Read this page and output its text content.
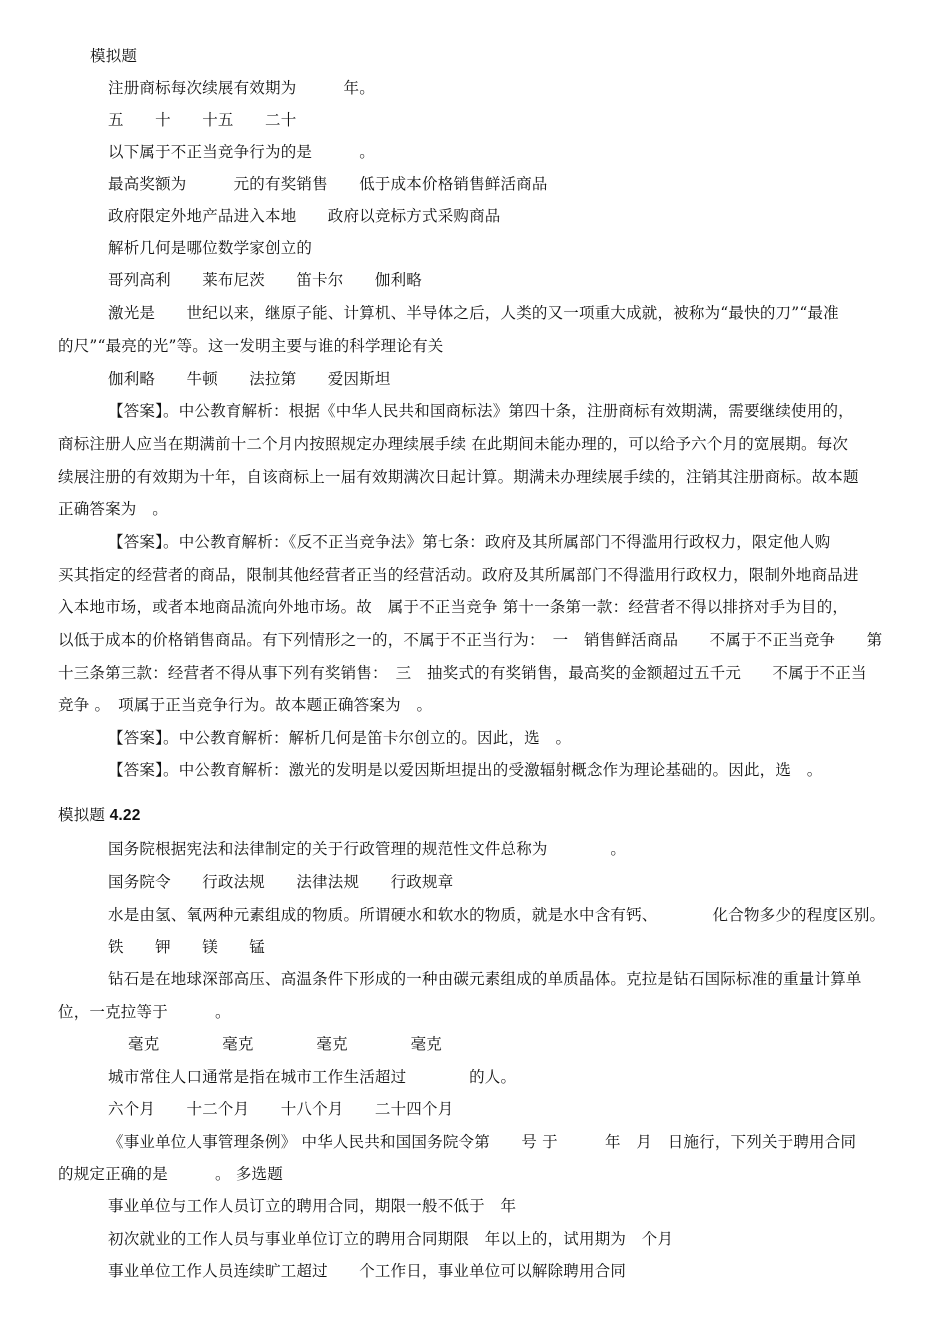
模拟题
注册商标每次续展有效期为　　　年。
五　　十　　十五　　二十
以下属于不正当竞争行为的是　　　。
最高奖额为　　　元的有奖销售　　低于成本价格销售鲜活商品
政府限定外地产品进入本地　　政府以竞标方式采购商品
解析几何是哪位数学家创立的
哥列高利　　莱布尼茨　　笛卡尔　　伽利略
激光是　　世纪以来，继原子能、计算机、半导体之后，人类的又一项重大成就，被称为“最快的刀”“最准
的尺”“最亮的光”等。这一发明主要与谁的科学理论有关
伽利略　　牛顿　　法拉第　　爱因斯坦
【答案】。中公教育解析：根据《中华人民共和国商标法》第四十条，注册商标有效期满，需要继续使用的，
商标注册人应当在期满前十二个月内按照规定办理续展手续 在此期间未能办理的，可以给予六个月的宽展期。每次
续展注册的有效期为十年，自该商标上一届有效期满次日起计算。期满未办理续展手续的，注销其注册商标。故本题
正确答案为　。
【答案】。中公教育解析：《反不正当竞争法》第七条：政府及其所属部门不得滥用行政权力，限定他人购
买其指定的经营者的商品，限制其他经营者正当的经营活动。政府及其所属部门不得滥用行政权力，限制外地商品进
入本地市场，或者本地商品流向外地市场。故　属于不正当竞争 第十一条第一款：经营者不得以排挤对手为目的，
以低于成本的价格销售商品。有下列情形之一的，不属于不正当行为：　一　销售鲜活商品　　不属于不正当竞争　　第
十三条第三款：经营者不得从事下列有奖销售：　三　抽奖式的有奖销售，最高奖的金额超过五千元　　不属于不正当
竞争 。　项属于正当竞争行为。故本题正确答案为　。
【答案】。中公教育解析：解析几何是笛卡尔创立的。因此，选　。
【答案】。中公教育解析：激光的发明是以爱因斯坦提出的受激辐射概念作为理论基础的。因此，选　。
模拟题 4.22
国务院根据宪法和法律制定的关于行政管理的规范性文件总称为　　　　。
国务院令　　行政法规　　法律法规　　行政规章
水是由氢、氧两种元素组成的物质。所谓硬水和软水的物质，就是水中含有钙、　　　　化合物多少的程度区别。
铁　　钾　　镁　　锰
钻石是在地球深部高压、高温条件下形成的一种由碳元素组成的单质晶体。克拉是钻石国际标准的重量计算单
位，一克拉等于　　　。
毫克　　　　毫克　　　　毫克　　　　毫克
城市常住人口通常是指在城市工作生活超过　　　　的人。
六个月　　十二个月　　十八个月　　二十四个月
《事业单位人事管理条例》 中华人民共和国国务院令第　　号 于　　　年　月　日施行，下列关于聘用合同
的规定正确的是　　　。 多选题
事业单位与工作人员订立的聘用合同，期限一般不低于　年
初次就业的工作人员与事业单位订立的聘用合同期限　年以上的，试用期为　个月
事业单位工作人员连续旷工超过　　个工作日，事业单位可以解除聘用合同
